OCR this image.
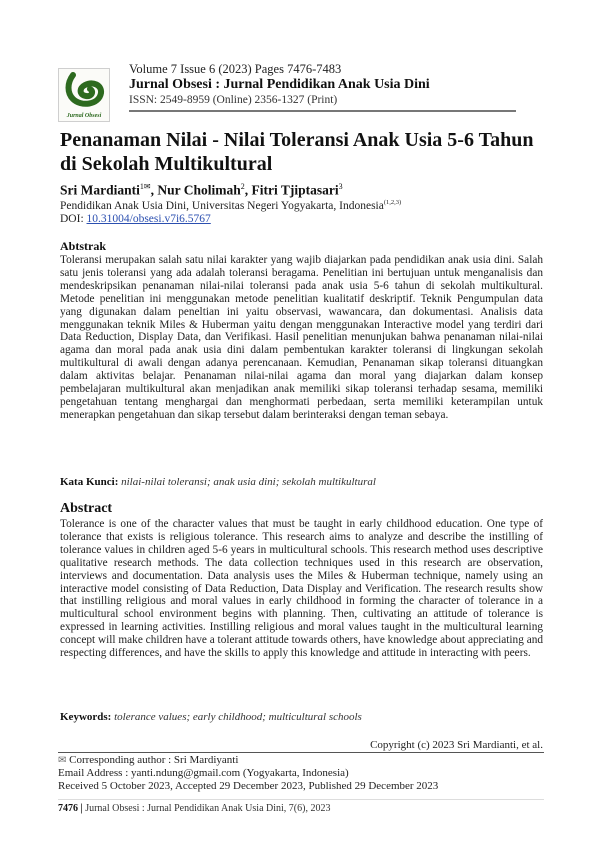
Jurnal Obsesi
Volume 7 Issue 6 (2023) Pages 7476-7483
Jurnal Obsesi : Jurnal Pendidikan Anak Usia Dini
ISSN: 2549-8959 (Online) 2356-1327 (Print)
Penanaman Nilai - Nilai Toleransi Anak Usia 5-6 Tahun di Sekolah Multikultural
Sri Mardianti$^{1✉}$, Nur Cholimah$^2$, Fitri Tjiptasari$^3$
Pendidikan Anak Usia Dini, Universitas Negeri Yogyakarta, Indonesia$^{(1,2,3)}$
DOI: 10.31004/obsesi.v7i6.5767
Abtstrak
Toleransi merupakan salah satu nilai karakter yang wajib diajarkan pada pendidikan anak usia dini. Salah satu jenis toleransi yang ada adalah toleransi beragama. Penelitian ini bertujuan untuk menganalisis dan mendeskripsikan penanaman nilai-nilai toleransi pada anak usia 5-6 tahun di sekolah multikultural. Metode penelitian ini menggunakan metode penelitian kualitatif deskriptif. Teknik Pengumpulan data yang digunakan dalam peneltian ini yaitu observasi, wawancara, dan dokumentasi. Analisis data menggunakan teknik Miles & Huberman yaitu dengan menggunakan Interactive model yang terdiri dari Data Reduction, Display Data, dan Verifikasi. Hasil penelitian menunjukan bahwa penanaman nilai-nilai agama dan moral pada anak usia dini dalam pembentukan karakter toleransi di lingkungan sekolah multikultural di awali dengan adanya perencanaan. Kemudian, Penanaman sikap toleransi dituangkan dalam aktivitas belajar. Penanaman nilai-nilai agama dan moral yang diajarkan dalam konsep pembelajaran multikultural akan menjadikan anak memiliki sikap toleransi terhadap sesama, memiliki pengetahuan tentang menghargai dan menghormati perbedaan, serta memiliki keterampilan untuk menerapkan pengetahuan dan sikap tersebut dalam berinteraksi dengan teman sebaya.
Kata Kunci: nilai-nilai toleransi; anak usia dini; sekolah multikultural
Abstract
Tolerance is one of the character values that must be taught in early childhood education. One type of tolerance that exists is religious tolerance. This research aims to analyze and describe the instilling of tolerance values in children aged 5-6 years in multicultural schools. This research method uses descriptive qualitative research methods. The data collection techniques used in this research are observation, interviews and documentation. Data analysis uses the Miles & Huberman technique, namely using an interactive model consisting of Data Reduction, Data Display and Verification. The research results show that instilling religious and moral values in early childhood in forming the character of tolerance in a multicultural school environment begins with planning. Then, cultivating an attitude of tolerance is expressed in learning activities. Instilling religious and moral values taught in the multicultural learning concept will make children have a tolerant attitude towards others, have knowledge about appreciating and respecting differences, and have the skills to apply this knowledge and attitude in interacting with peers.
Keywords: tolerance values; early childhood; multicultural schools
Copyright (c) 2023 Sri Mardianti, et al.
✉ Corresponding author : Sri Mardiyanti
Email Address : yanti.ndung@gmail.com (Yogyakarta, Indonesia)
Received 5 October 2023, Accepted 29 December 2023, Published 29 December 2023
7476 | Jurnal Obsesi : Jurnal Pendidikan Anak Usia Dini, 7(6), 2023
